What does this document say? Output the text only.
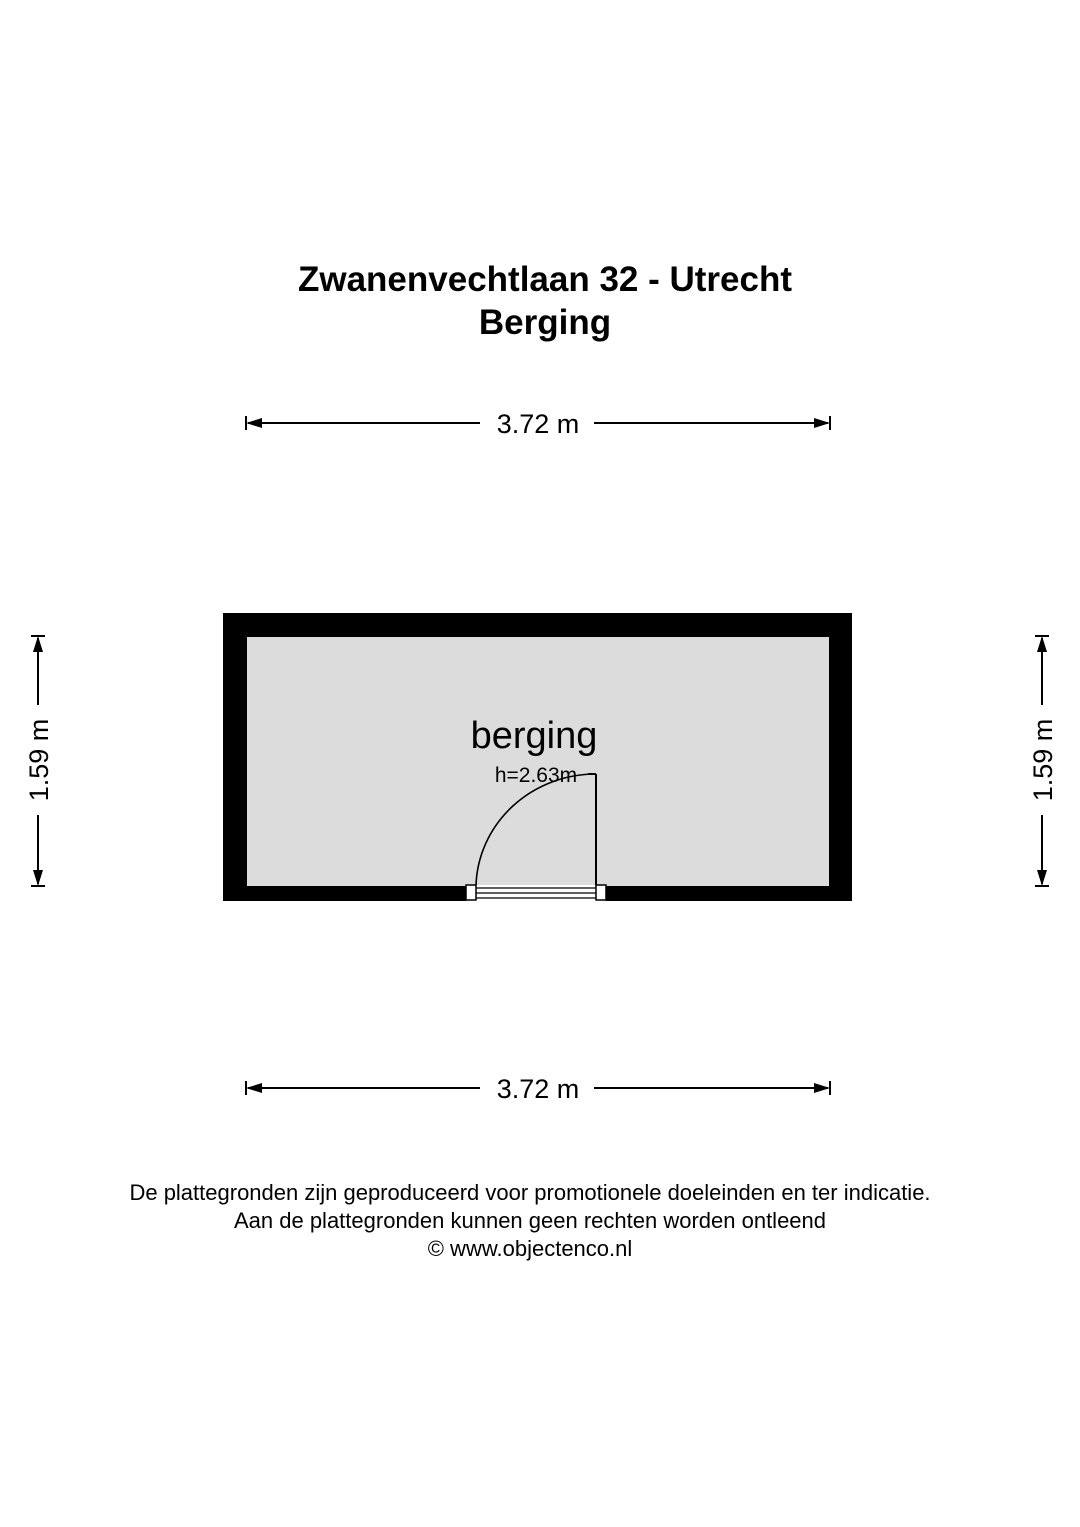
Zwanenvechtlaan 32 - Utrecht
Berging
3.72 m
3.72 m
1.59 m	1.59 m
berging
h=2.63m
De plattegronden zijn geproduceerd voor promotionele doeleinden en ter indicatie.
Aan de plattegronden kunnen geen rechten worden ontleend
© www.objectenco.nl
